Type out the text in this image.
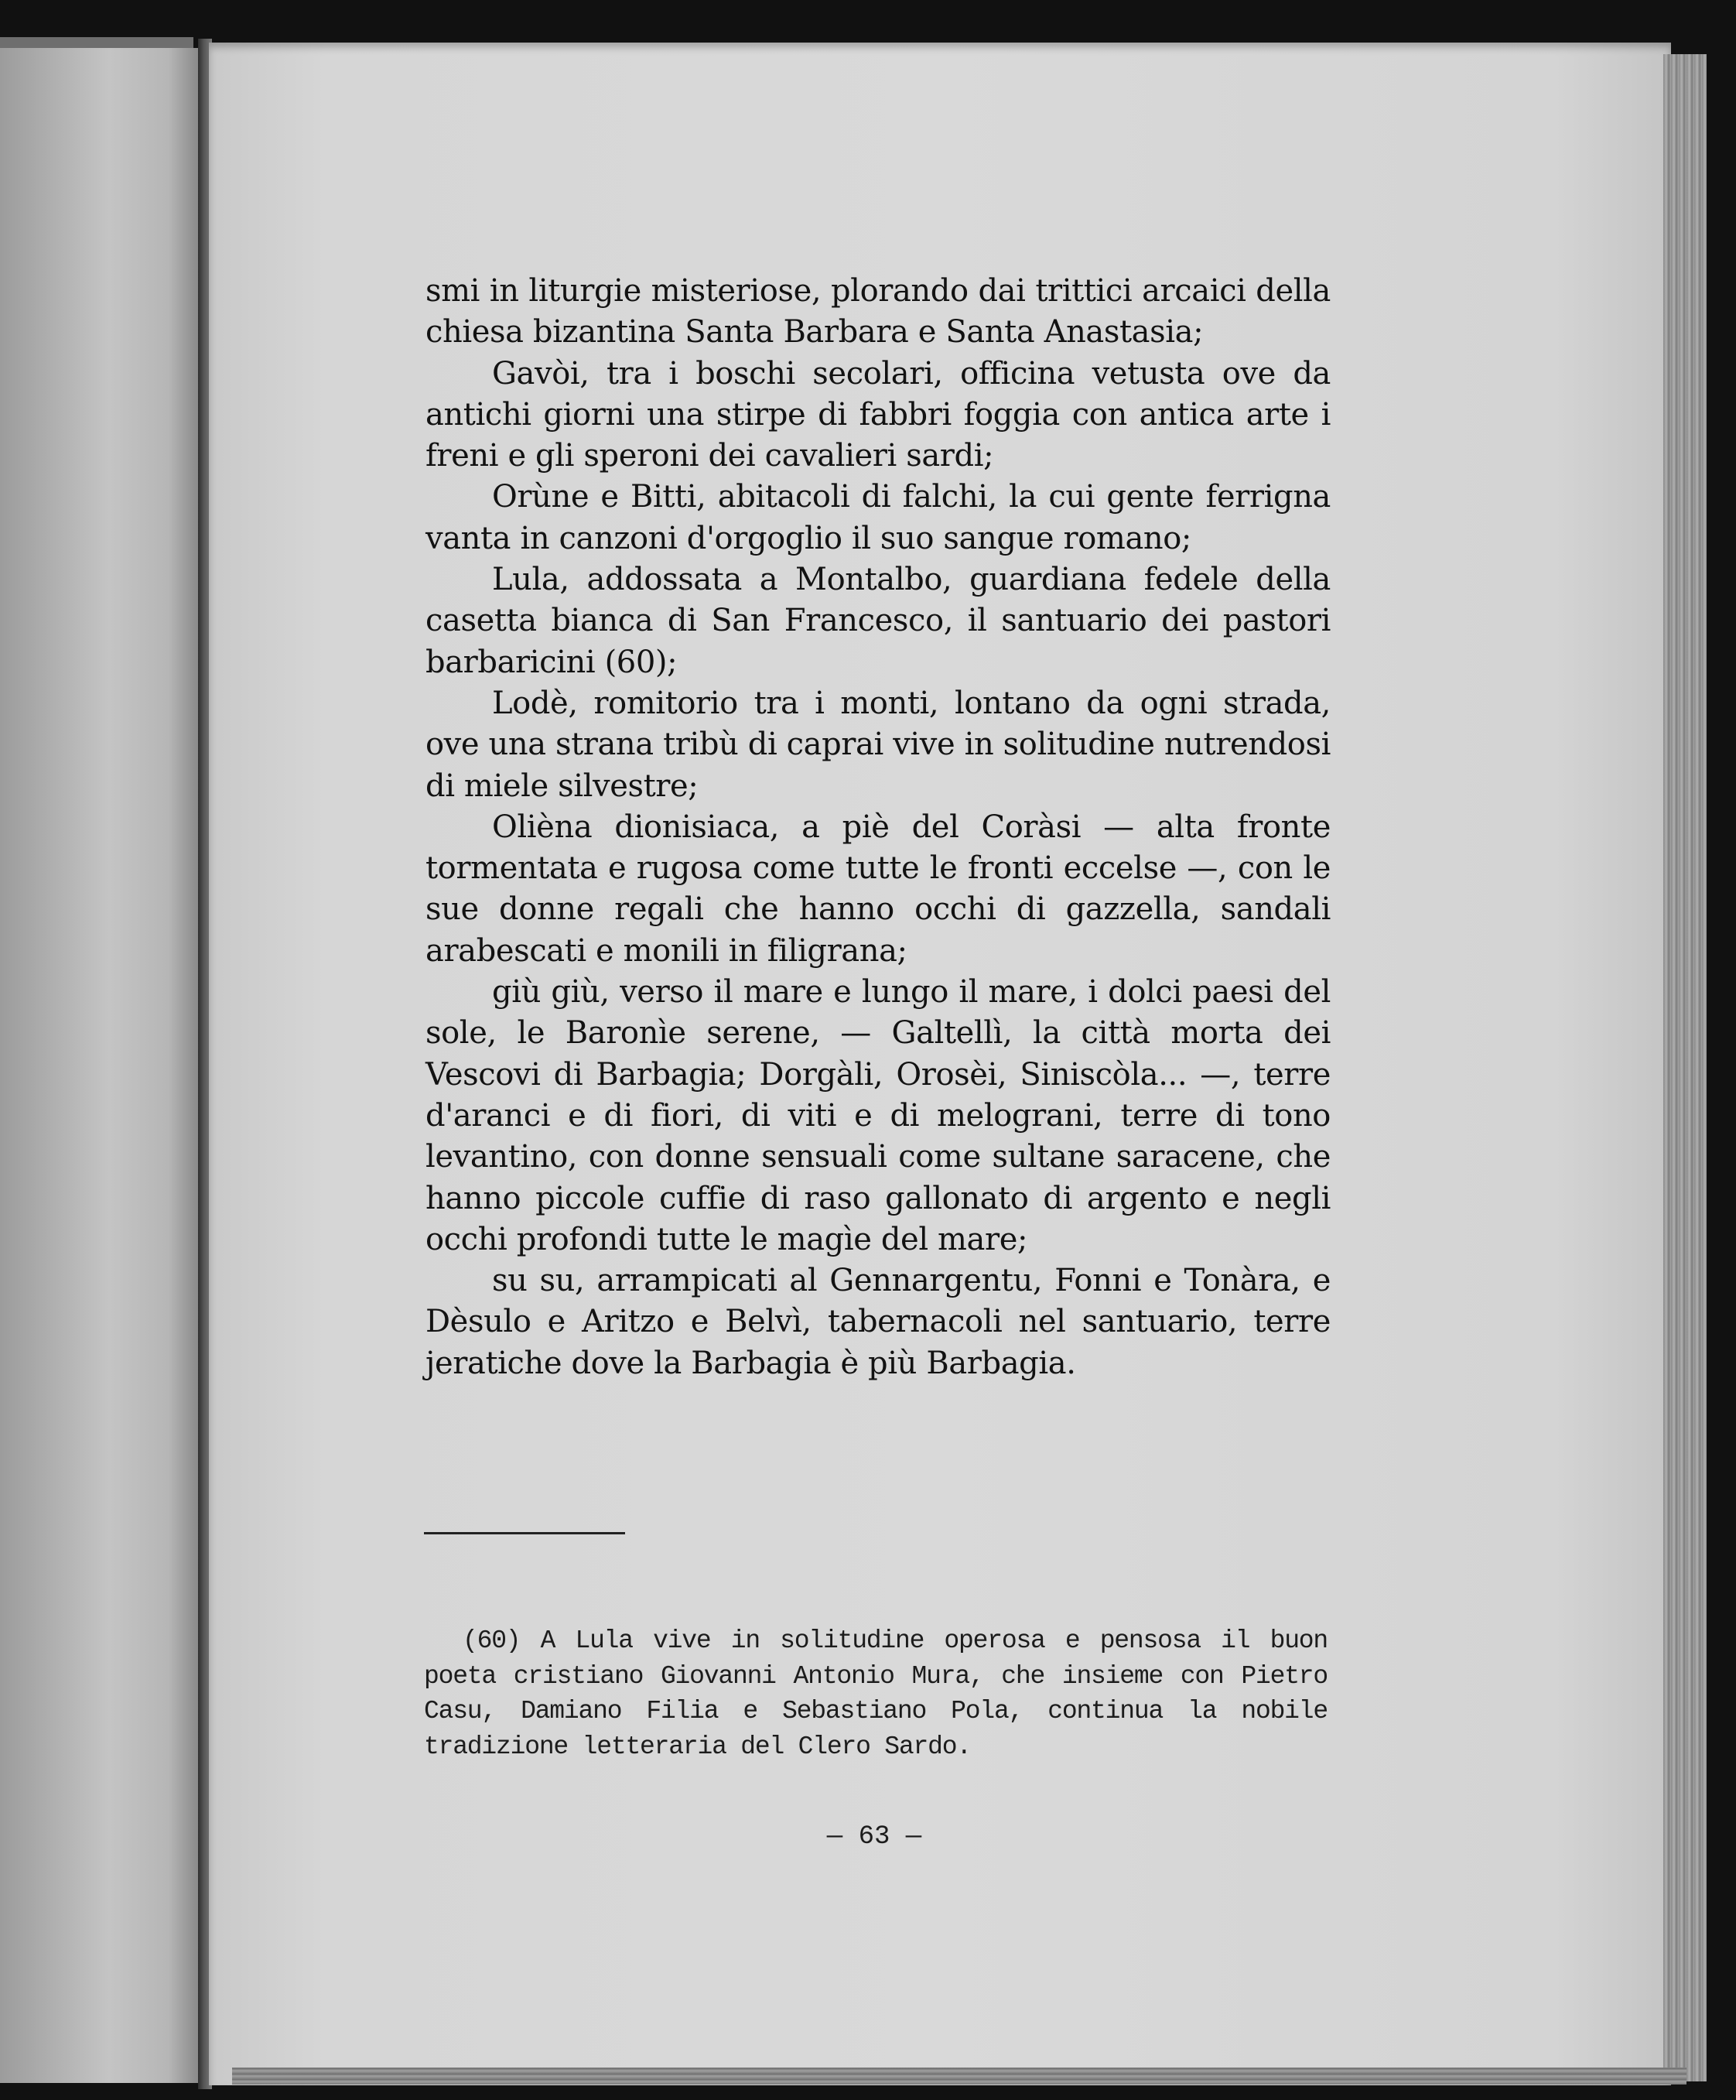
smi in liturgie misteriose, plorando dai trittici arcaici della chiesa bizantina Santa Barbara e Santa Anastasia;

Gavòi, tra i boschi secolari, officina vetusta ove da antichi giorni una stirpe di fabbri foggia con antica arte i freni e gli speroni dei cavalieri sardi;

Orùne e Bitti, abitacoli di falchi, la cui gente ferrigna vanta in canzoni d'orgoglio il suo sangue romano;

Lula, addossata a Montalbo, guardiana fedele della casetta bianca di San Francesco, il santuario dei pastori barbaricini (60);

Lodè, romitorio tra i monti, lontano da ogni strada, ove una strana tribù di caprai vive in solitudine nutrendosi di miele silvestre;

Olièna dionisiaca, a piè del Coràsi — alta fronte tormentata e rugosa come tutte le fronti eccelse —, con le sue donne regali che hanno occhi di gazzella, sandali arabescati e monili in filigrana;

giù giù, verso il mare e lungo il mare, i dolci paesi del sole, le Baronìe serene, — Galtellì, la città morta dei Vescovi di Barbagia; Dorgàli, Orosèi, Siniscòla... —, terre d'aranci e di fiori, di viti e di melograni, terre di tono levantino, con donne sensuali come sultane saracene, che hanno piccole cuffie di raso gallonato di argento e negli occhi profondi tutte le magìe del mare;

su su, arrampicati al Gennargentu, Fonni e Tonàra, e Dèsulo e Aritzo e Belvì, tabernacoli nel santuario, terre jeratiche dove la Barbagia è più Barbagia.

(60) A Lula vive in solitudine operosa e pensosa il buon poeta cristiano Giovanni Antonio Mura, che insieme con Pietro Casu, Damiano Filia e Sebastiano Pola, continua la nobile tradizione letteraria del Clero Sardo.

— 63 —
